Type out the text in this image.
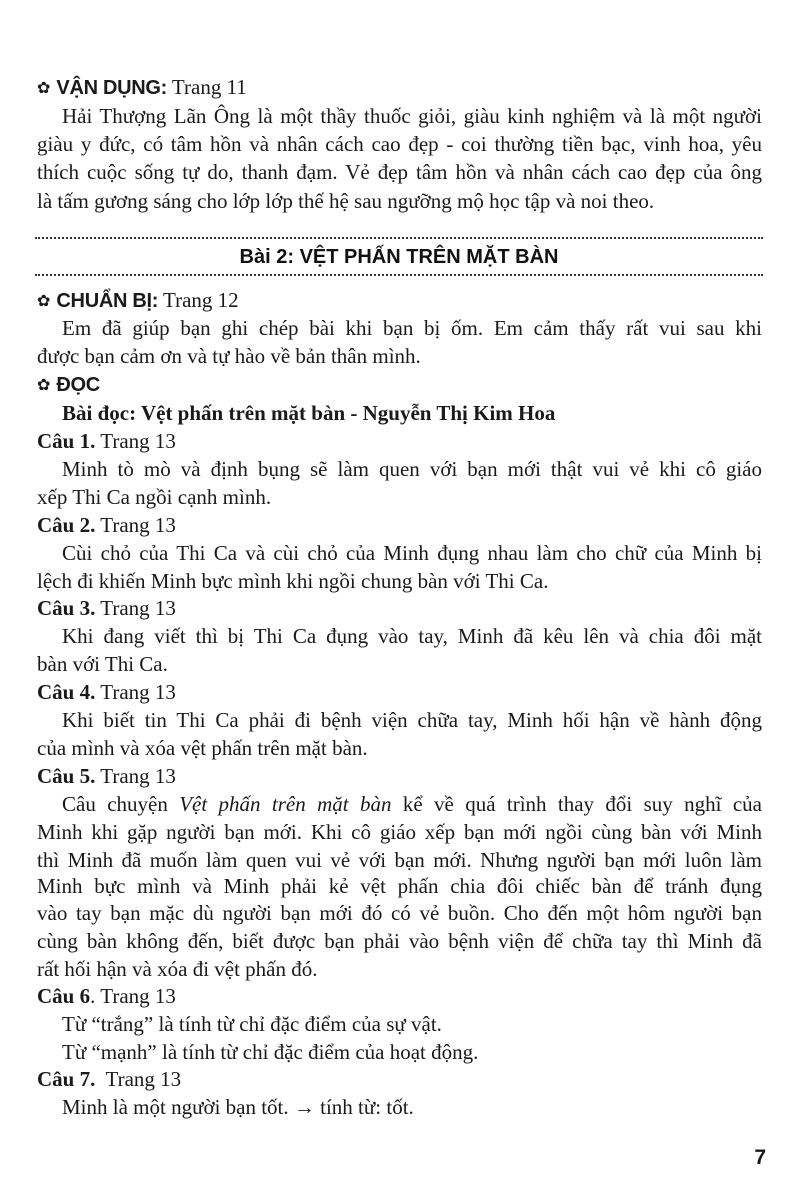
✿ VẬN DỤNG: Trang 11
Hải Thượng Lãn Ông là một thầy thuốc giỏi, giàu kinh nghiệm và là một người
giàu y đức, có tâm hồn và nhân cách cao đẹp - coi thường tiền bạc, vinh hoa, yêu
thích cuộc sống tự do, thanh đạm. Vẻ đẹp tâm hồn và nhân cách cao đẹp của ông
là tấm gương sáng cho lớp lớp thế hệ sau ngưỡng mộ học tập và noi theo.
Bài 2: VỆT PHẤN TRÊN MẶT BÀN
✿ CHUẨN BỊ: Trang 12
Em đã giúp bạn ghi chép bài khi bạn bị ốm. Em cảm thấy rất vui sau khi
được bạn cảm ơn và tự hào về bản thân mình.
✿ ĐỌC
Bài đọc: Vệt phấn trên mặt bàn - Nguyễn Thị Kim Hoa
Câu 1. Trang 13
Minh tò mò và định bụng sẽ làm quen với bạn mới thật vui vẻ khi cô giáo
xếp Thi Ca ngồi cạnh mình.
Câu 2. Trang 13
Cùi chỏ của Thi Ca và cùi chỏ của Minh đụng nhau làm cho chữ của Minh bị
lệch đi khiến Minh bực mình khi ngồi chung bàn với Thi Ca.
Câu 3. Trang 13
Khi đang viết thì bị Thi Ca đụng vào tay, Minh đã kêu lên và chia đôi mặt
bàn với Thi Ca.
Câu 4. Trang 13
Khi biết tin Thi Ca phải đi bệnh viện chữa tay, Minh hối hận về hành động
của mình và xóa vệt phấn trên mặt bàn.
Câu 5. Trang 13
Câu chuyện Vệt phấn trên mặt bàn kể về quá trình thay đổi suy nghĩ của
Minh khi gặp người bạn mới. Khi cô giáo xếp bạn mới ngồi cùng bàn với Minh
thì Minh đã muốn làm quen vui vẻ với bạn mới. Nhưng người bạn mới luôn làm
Minh bực mình và Minh phải kẻ vệt phấn chia đôi chiếc bàn để tránh đụng
vào tay bạn mặc dù người bạn mới đó có vẻ buồn. Cho đến một hôm người bạn
cùng bàn không đến, biết được bạn phải vào bệnh viện để chữa tay thì Minh đã
rất hối hận và xóa đi vệt phấn đó.
Câu 6. Trang 13
Từ “trắng” là tính từ chỉ đặc điểm của sự vật.
Từ “mạnh” là tính từ chỉ đặc điểm của hoạt động.
Câu 7.  Trang 13
Minh là một người bạn tốt. → tính từ: tốt.
7
